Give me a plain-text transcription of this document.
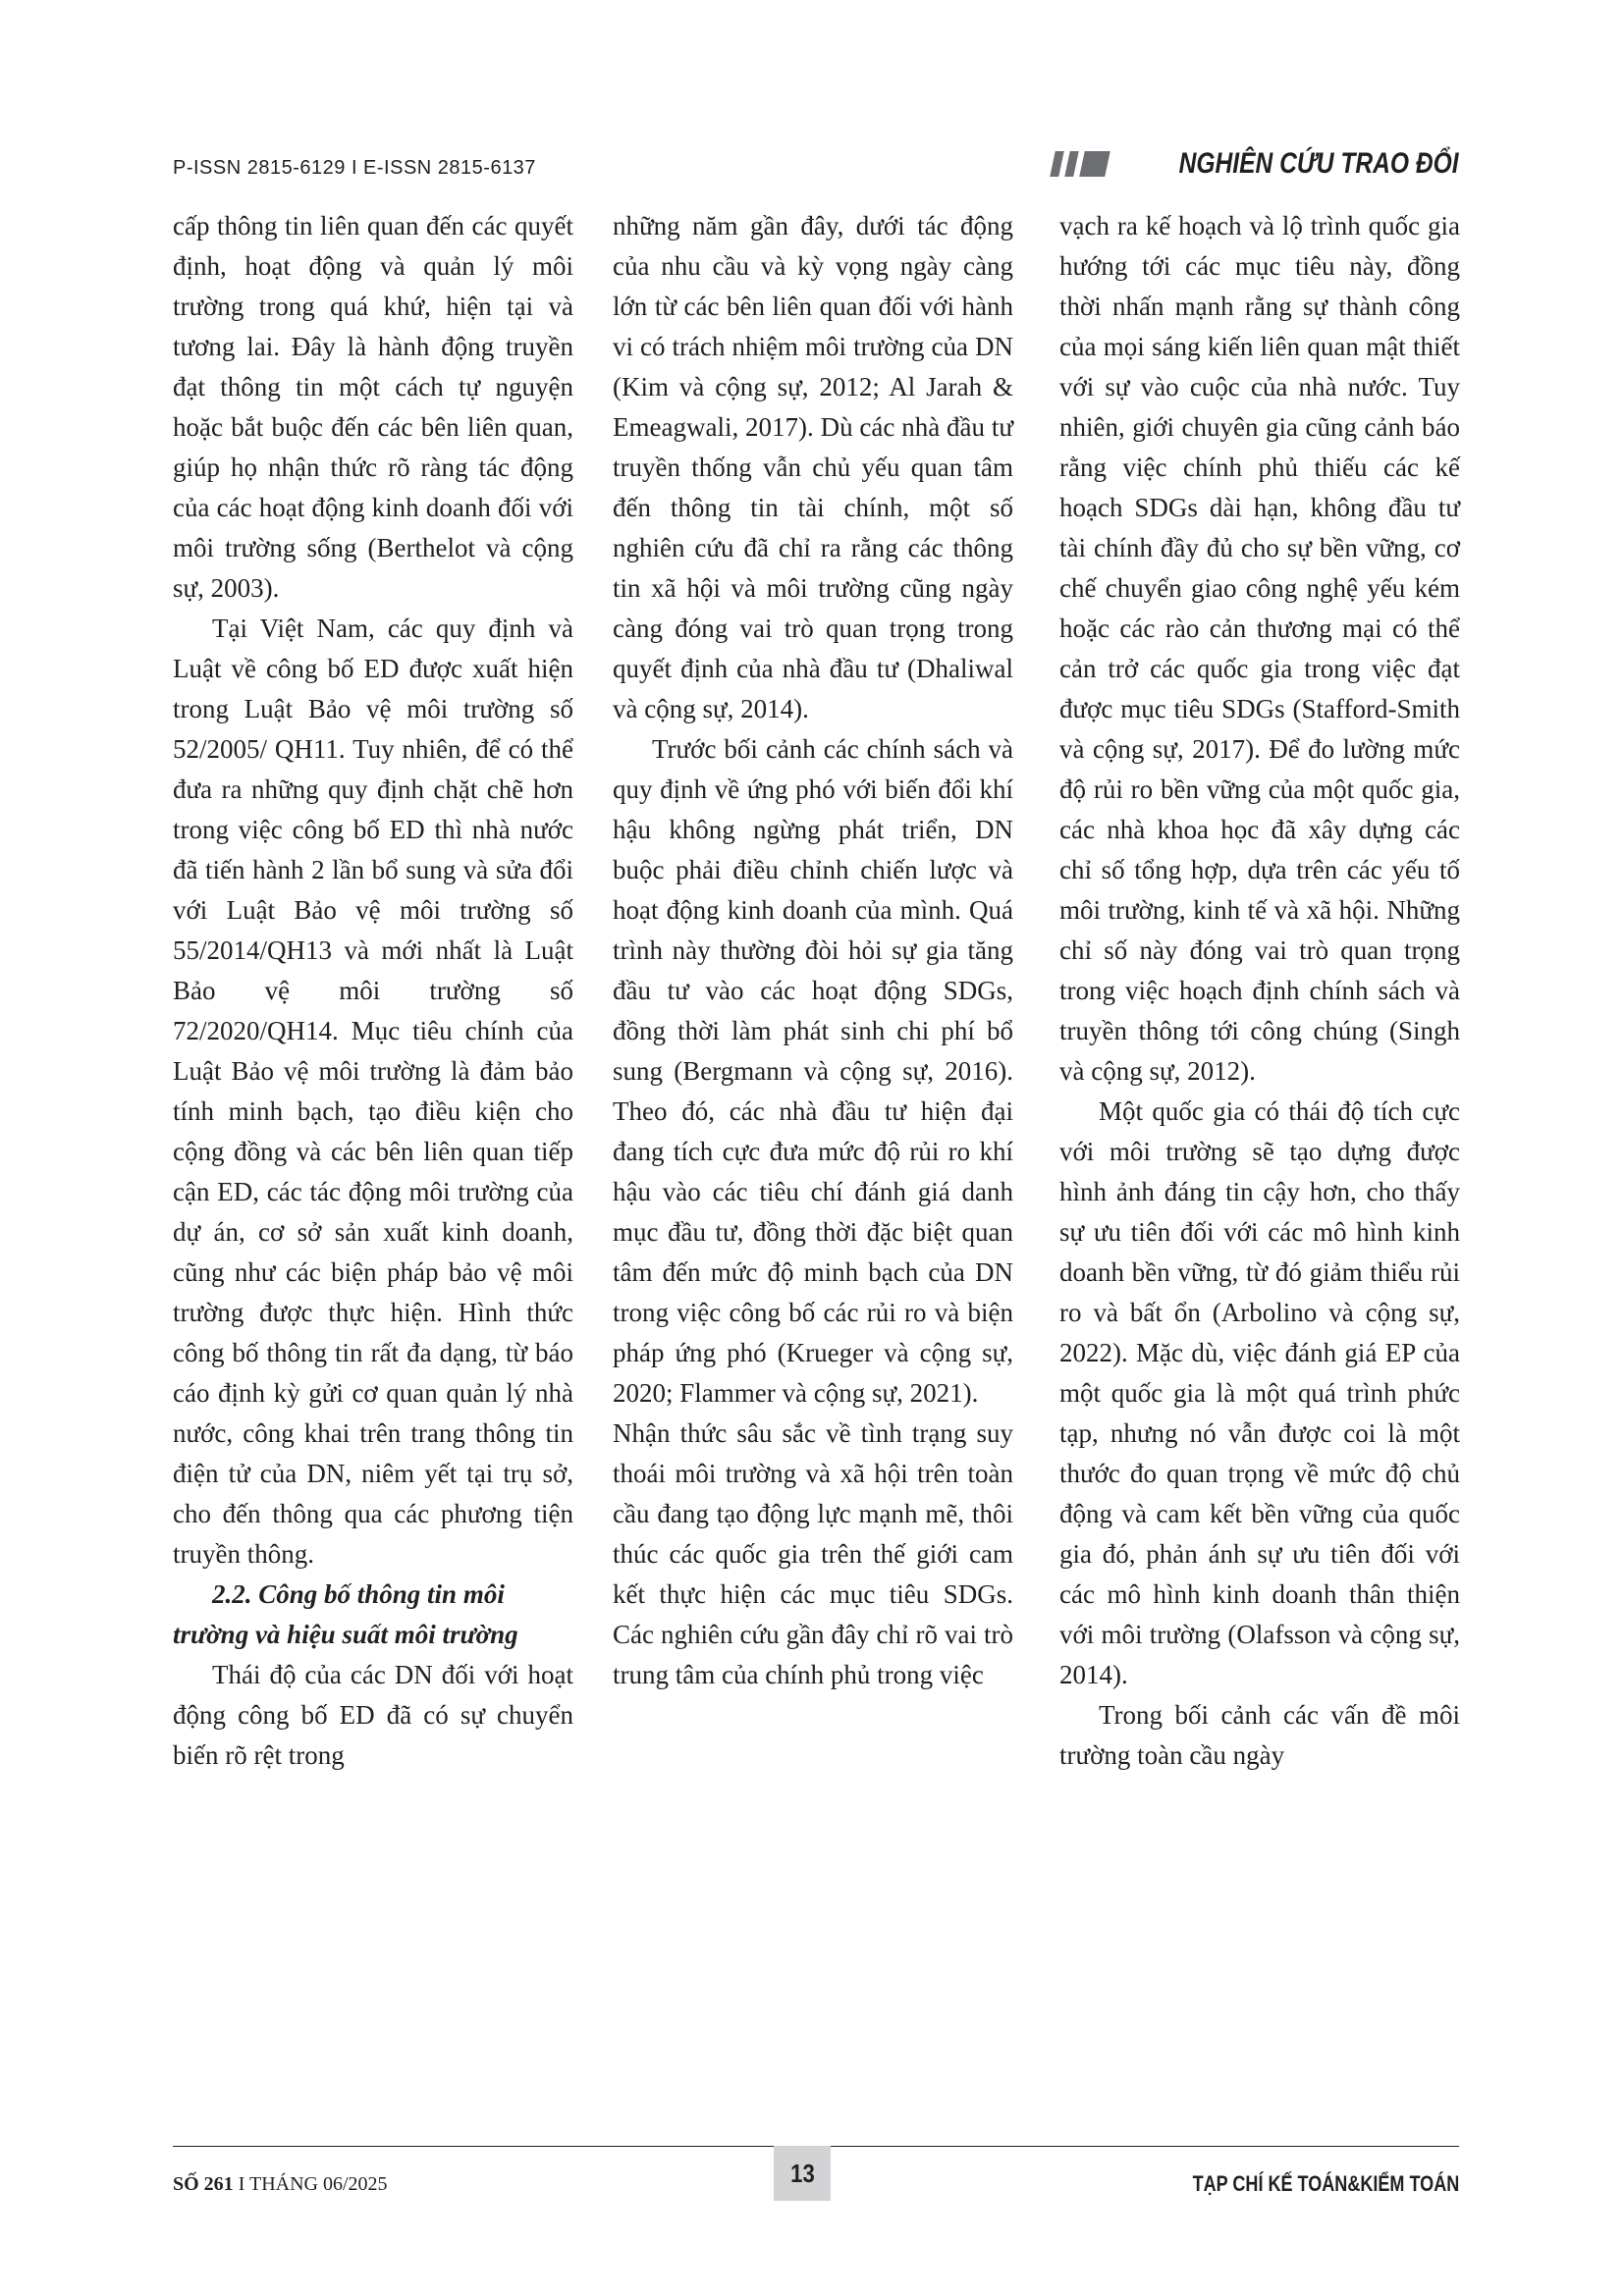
P-ISSN 2815-6129 I E-ISSN 2815-6137	NGHIÊN CỨU TRAO ĐỔI

cấp thông tin liên quan đến các quyết định, hoạt động và quản lý môi trường trong quá khứ, hiện tại và tương lai. Đây là hành động truyền đạt thông tin một cách tự nguyện hoặc bắt buộc đến các bên liên quan, giúp họ nhận thức rõ ràng tác động của các hoạt động kinh doanh đối với môi trường sống (Berthelot và cộng sự, 2003).

Tại Việt Nam, các quy định và Luật về công bố ED được xuất hiện trong Luật Bảo vệ môi trường số 52/2005/ QH11. Tuy nhiên, để có thể đưa ra những quy định chặt chẽ hơn trong việc công bố ED thì nhà nước đã tiến hành 2 lần bổ sung và sửa đổi với Luật Bảo vệ môi trường số 55/2014/QH13 và mới nhất là Luật Bảo vệ môi trường số 72/2020/QH14. Mục tiêu chính của Luật Bảo vệ môi trường là đảm bảo tính minh bạch, tạo điều kiện cho cộng đồng và các bên liên quan tiếp cận ED, các tác động môi trường của dự án, cơ sở sản xuất kinh doanh, cũng như các biện pháp bảo vệ môi trường được thực hiện. Hình thức công bố thông tin rất đa dạng, từ báo cáo định kỳ gửi cơ quan quản lý nhà nước, công khai trên trang thông tin điện tử của DN, niêm yết tại trụ sở, cho đến thông qua các phương tiện truyền thông.

2.2. Công bố thông tin môi trường và hiệu suất môi trường

Thái độ của các DN đối với hoạt động công bố ED đã có sự chuyển biến rõ rệt trong

những năm gần đây, dưới tác động của nhu cầu và kỳ vọng ngày càng lớn từ các bên liên quan đối với hành vi có trách nhiệm môi trường của DN (Kim và cộng sự, 2012; Al Jarah & Emeagwali, 2017). Dù các nhà đầu tư truyền thống vẫn chủ yếu quan tâm đến thông tin tài chính, một số nghiên cứu đã chỉ ra rằng các thông tin xã hội và môi trường cũng ngày càng đóng vai trò quan trọng trong quyết định của nhà đầu tư (Dhaliwal và cộng sự, 2014).

Trước bối cảnh các chính sách và quy định về ứng phó với biến đổi khí hậu không ngừng phát triển, DN buộc phải điều chỉnh chiến lược và hoạt động kinh doanh của mình. Quá trình này thường đòi hỏi sự gia tăng đầu tư vào các hoạt động SDGs, đồng thời làm phát sinh chi phí bổ sung (Bergmann và cộng sự, 2016). Theo đó, các nhà đầu tư hiện đại đang tích cực đưa mức độ rủi ro khí hậu vào các tiêu chí đánh giá danh mục đầu tư, đồng thời đặc biệt quan tâm đến mức độ minh bạch của DN trong việc công bố các rủi ro và biện pháp ứng phó (Krueger và cộng sự, 2020; Flammer và cộng sự, 2021).

Nhận thức sâu sắc về tình trạng suy thoái môi trường và xã hội trên toàn cầu đang tạo động lực mạnh mẽ, thôi thúc các quốc gia trên thế giới cam kết thực hiện các mục tiêu SDGs. Các nghiên cứu gần đây chỉ rõ vai trò trung tâm của chính phủ trong việc

vạch ra kế hoạch và lộ trình quốc gia hướng tới các mục tiêu này, đồng thời nhấn mạnh rằng sự thành công của mọi sáng kiến liên quan mật thiết với sự vào cuộc của nhà nước. Tuy nhiên, giới chuyên gia cũng cảnh báo rằng việc chính phủ thiếu các kế hoạch SDGs dài hạn, không đầu tư tài chính đầy đủ cho sự bền vững, cơ chế chuyển giao công nghệ yếu kém hoặc các rào cản thương mại có thể cản trở các quốc gia trong việc đạt được mục tiêu SDGs (Stafford-Smith và cộng sự, 2017). Để đo lường mức độ rủi ro bền vững của một quốc gia, các nhà khoa học đã xây dựng các chỉ số tổng hợp, dựa trên các yếu tố môi trường, kinh tế và xã hội. Những chỉ số này đóng vai trò quan trọng trong việc hoạch định chính sách và truyền thông tới công chúng (Singh và cộng sự, 2012).

Một quốc gia có thái độ tích cực với môi trường sẽ tạo dựng được hình ảnh đáng tin cậy hơn, cho thấy sự ưu tiên đối với các mô hình kinh doanh bền vững, từ đó giảm thiểu rủi ro và bất ổn (Arbolino và cộng sự, 2022). Mặc dù, việc đánh giá EP của một quốc gia là một quá trình phức tạp, nhưng nó vẫn được coi là một thước đo quan trọng về mức độ chủ động và cam kết bền vững của quốc gia đó, phản ánh sự ưu tiên đối với các mô hình kinh doanh thân thiện với môi trường (Olafsson và cộng sự, 2014).

Trong bối cảnh các vấn đề môi trường toàn cầu ngày

SỐ 261 I THÁNG 06/2025	13	TẠP CHÍ KẾ TOÁN&KIỂM TOÁN
